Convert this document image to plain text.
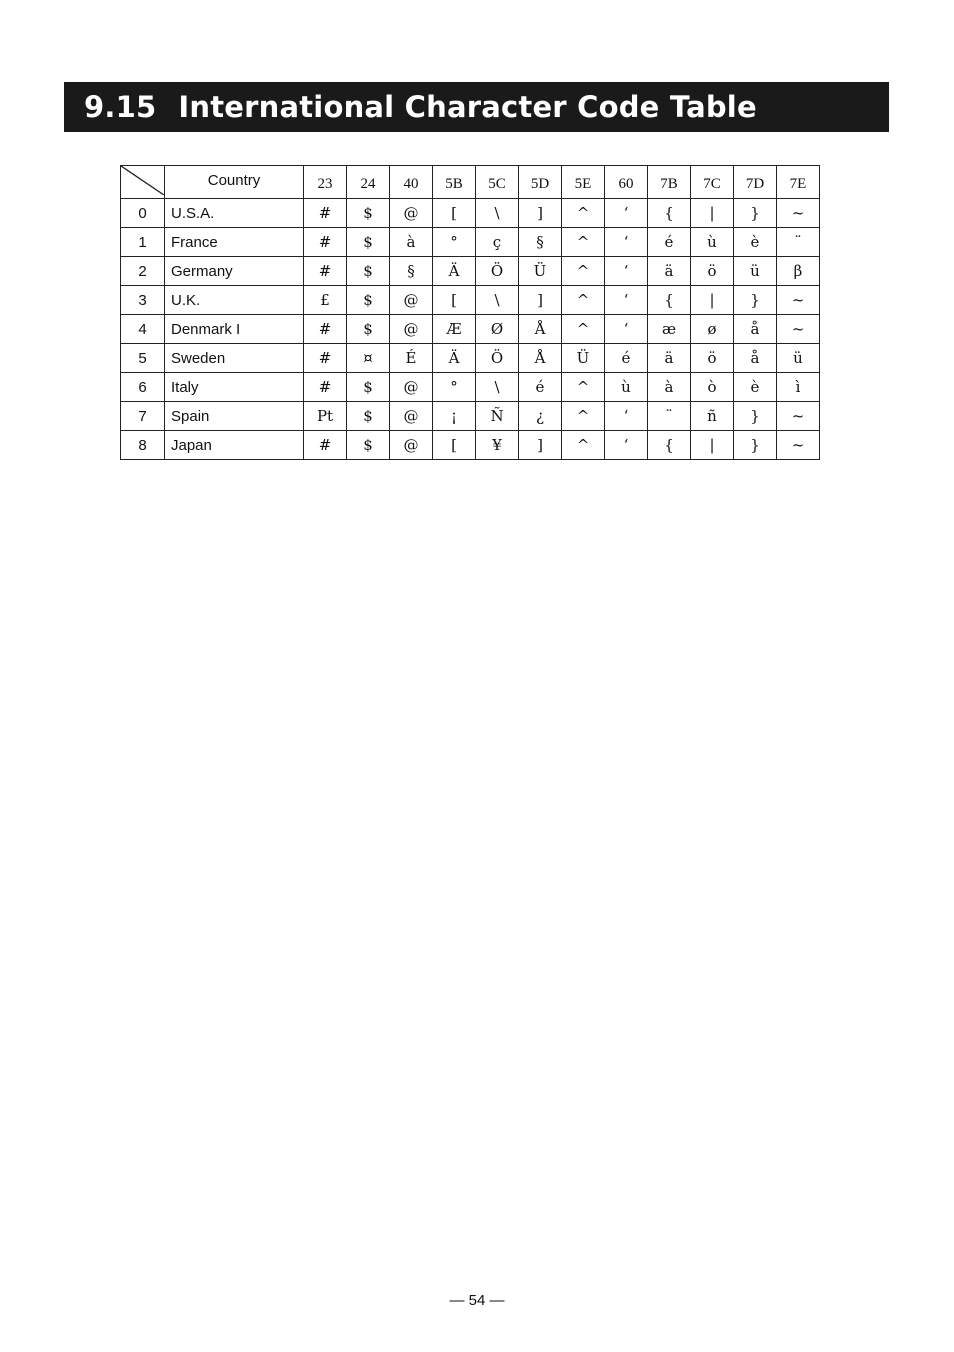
9.15 International Character Code Table
	Country	23	24	40	5B	5C	5D	5E	60	7B	7C	7D	7E
0	U.S.A.	#	$	@	[	\	]	^	‘	{	|	}	~
1	France	#	$	à	°	ç	§	^	‘	é	ù	è	¨
2	Germany	#	$	§	Ä	Ö	Ü	^	‘	ä	ö	ü	β
3	U.K.	£	$	@	[	\	]	^	‘	{	|	}	~
4	Denmark I	#	$	@	Æ	Ø	Å	^	‘	æ	ø	å	~
5	Sweden	#	¤	É	Ä	Ö	Å	Ü	é	ä	ö	å	ü
6	Italy	#	$	@	°	\	é	^	ù	à	ò	è	ì
7	Spain	Pt	$	@	¡	Ñ	¿	^	‘	¨	ñ	}	~
8	Japan	#	$	@	[	¥	]	^	‘	{	|	}	~
— 54 —
